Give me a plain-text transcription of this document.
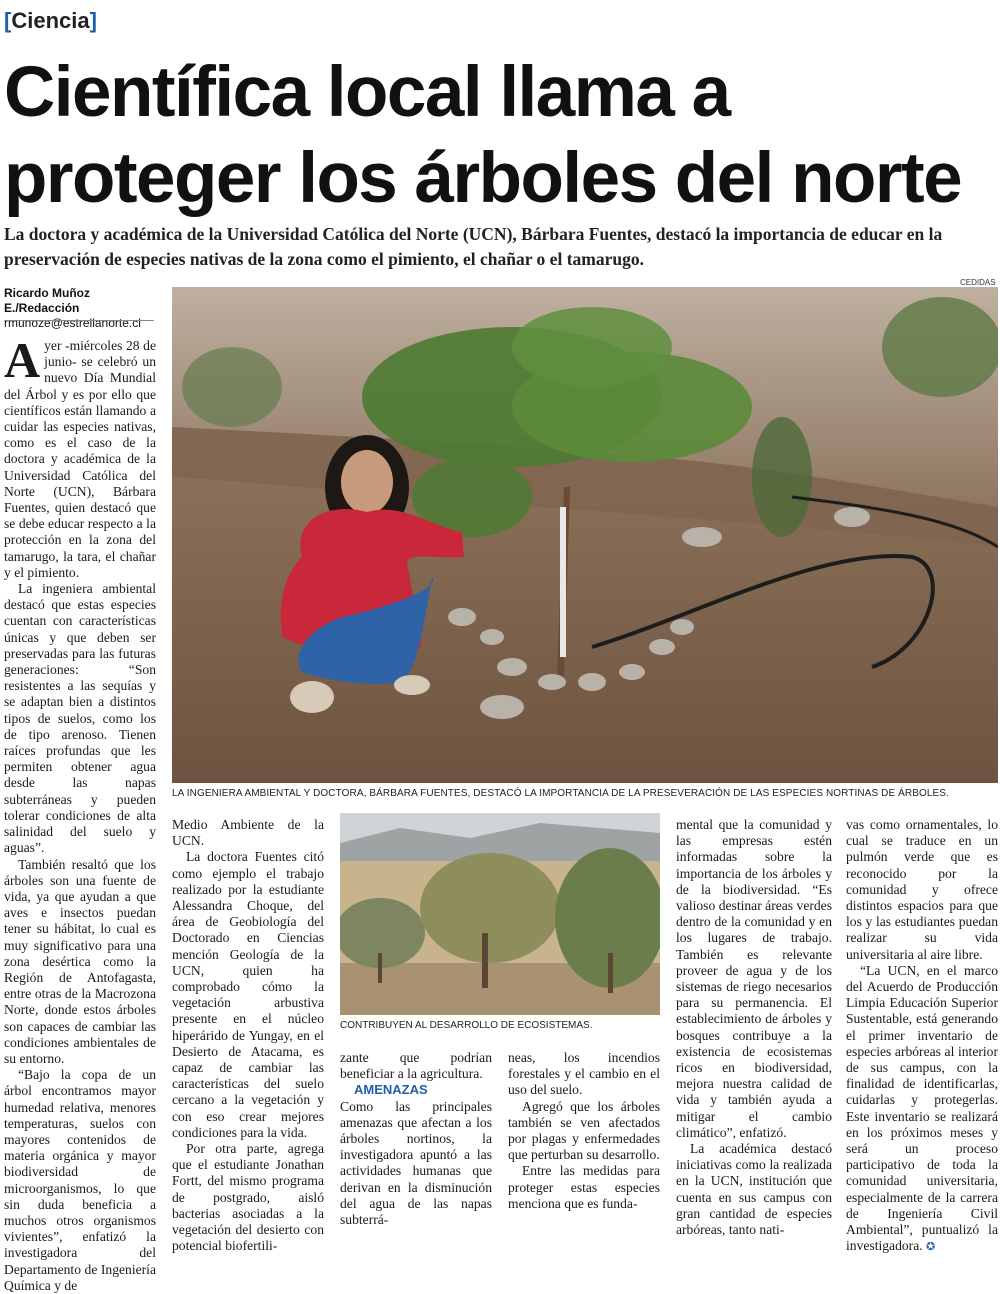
[Ciencia]
Científica local llama a proteger los árboles del norte

La doctora y académica de la Universidad Católica del Norte (UCN), Bárbara Fuentes, destacó la importancia de educar en la preservación de especies nativas de la zona como el pimiento, el chañar o el tamarugo.

Ricardo Muñoz E./Redacción
rmunoze@estrellanorte.cl

Ayer -miércoles 28 de junio- se celebró un nuevo Día Mundial del Árbol y es por ello que científicos están llamando a cuidar las especies nativas, como es el caso de la doctora y académica de la Universidad Católica del Norte (UCN), Bárbara Fuentes, quien destacó que se debe educar respecto a la protección en la zona del tamarugo, la tara, el chañar y el pimiento.

La ingeniera ambiental destacó que estas especies cuentan con características únicas y que deben ser preservadas para las futuras generaciones: “Son resistentes a las sequías y se adaptan bien a distintos tipos de suelos, como los de tipo arenoso. Tienen raíces profundas que les permiten obtener agua desde las napas subterráneas y pueden tolerar condiciones de alta salinidad del suelo y aguas”.

También resaltó que los árboles son una fuente de vida, ya que ayudan a que aves e insectos puedan tener su hábitat, lo cual es muy significativo para una zona desértica como la Región de Antofagasta, entre otras de la Macrozona Norte, donde estos árboles son capaces de cambiar las condiciones ambientales de su entorno.

“Bajo la copa de un árbol encontramos mayor humedad relativa, menores temperaturas, suelos con mayores contenidos de materia orgánica y mayor biodiversidad de microorganismos, lo que sin duda beneficia a muchos otros organismos vivientes”, enfatizó la investigadora del Departamento de Ingeniería Química y de

CEDIDAS
LA INGENIERA AMBIENTAL Y DOCTORA, BÁRBARA FUENTES, DESTACÓ LA IMPORTANCIA DE LA PRESEVERACIÓN DE LAS ESPECIES NORTINAS DE ÁRBOLES.

Medio Ambiente de la UCN.

La doctora Fuentes citó como ejemplo el trabajo realizado por la estudiante Alessandra Choque, del área de Geobiología del Doctorado en Ciencias mención Geología de la UCN, quien ha comprobado cómo la vegetación arbustiva presente en el núcleo hiperárido de Yungay, en el Desierto de Atacama, es capaz de cambiar las características del suelo cercano a la vegetación y con eso crear mejores condiciones para la vida.

Por otra parte, agrega que el estudiante Jonathan Fortt, del mismo programa de postgrado, aisló bacterias asociadas a la vegetación del desierto con potencial biofertili-

CONTRIBUYEN AL DESARROLLO DE ECOSISTEMAS.

zante que podrían beneficiar a la agricultura.

AMENAZAS

Como las principales amenazas que afectan a los árboles nortinos, la investigadora apuntó a las actividades humanas que derivan en la disminución del agua de las napas subterrá-

neas, los incendios forestales y el cambio en el uso del suelo.

Agregó que los árboles también se ven afectados por plagas y enfermedades que perturban su desarrollo.

Entre las medidas para proteger estas especies menciona que es funda-

mental que la comunidad y las empresas estén informadas sobre la importancia de los árboles y de la biodiversidad. “Es valioso destinar áreas verdes dentro de la comunidad y en los lugares de trabajo. También es relevante proveer de agua y de los sistemas de riego necesarios para su permanencia. El establecimiento de árboles y bosques contribuye a la existencia de ecosistemas ricos en biodiversidad, mejora nuestra calidad de vida y también ayuda a mitigar el cambio climático”, enfatizó.

La académica destacó iniciativas como la realizada en la UCN, institución que cuenta en sus campus con gran cantidad de especies arbóreas, tanto nati-

vas como ornamentales, lo cual se traduce en un pulmón verde que es reconocido por la comunidad y ofrece distintos espacios para que los y las estudiantes puedan realizar su vida universitaria al aire libre.

“La UCN, en el marco del Acuerdo de Producción Limpia Educación Superior Sustentable, está generando el primer inventario de especies arbóreas al interior de sus campus, con la finalidad de identificarlas, cuidarlas y protegerlas. Este inventario se realizará en los próximos meses y será un proceso participativo de toda la comunidad universitaria, especialmente de la carrera de Ingeniería Civil Ambiental”, puntualizó la investigadora. ✪
